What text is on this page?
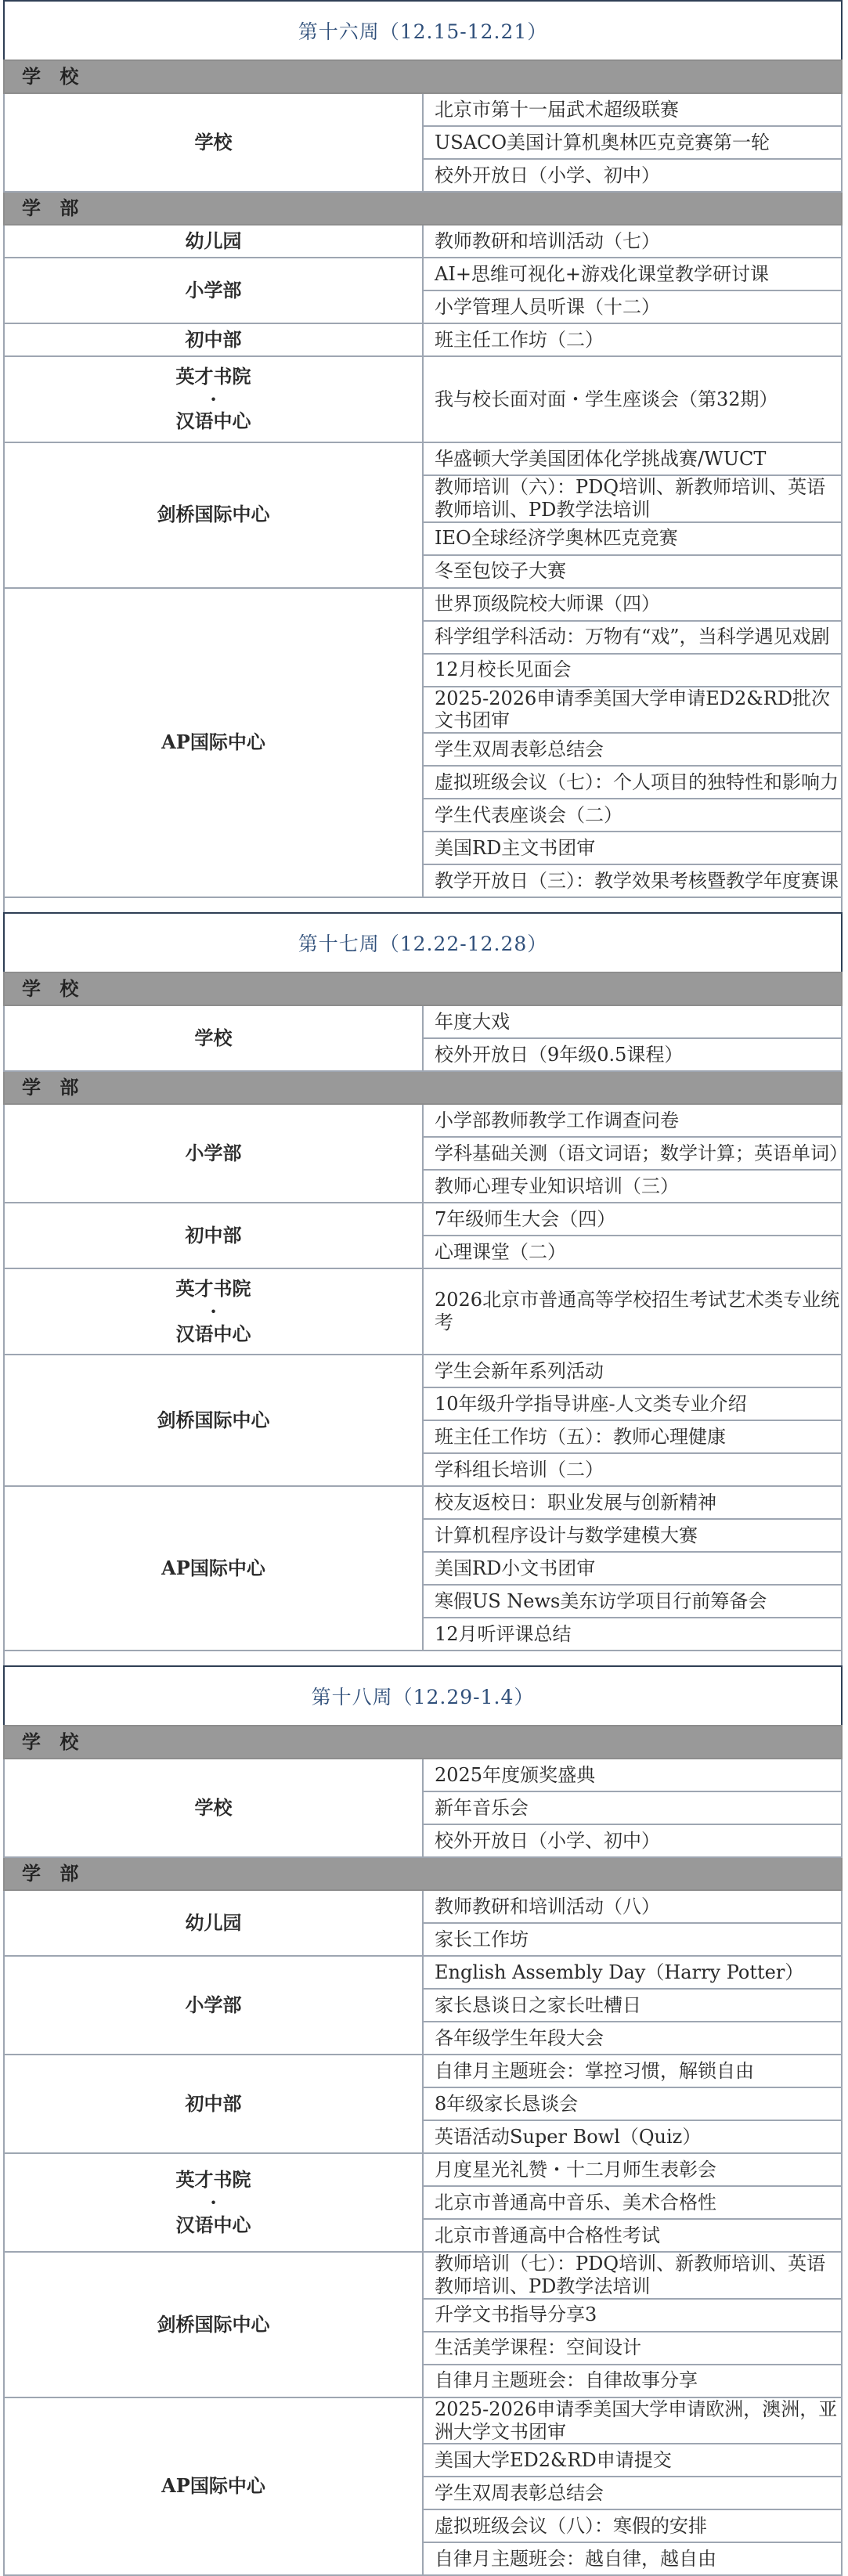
第十六周（12.15-12.21）
学 校	

学校	北京市第十一届武术超级联赛
	USACO美国计算机奥林匹克竞赛第一轮
	校外开放日（小学、初中）
学 部	

幼儿园	教师教研和培训活动（七）

小学部	AI+思维可视化+游戏化课堂教学研讨课
	小学管理人员听课（十二）

初中部	班主任工作坊（二）

英才书院
·
汉语中心	我与校长面对面・学生座谈会（第32期）

剑桥国际中心	华盛顿大学美国团体化学挑战赛/WUCT
	教师培训（六）：PDQ培训、新教师培训、英语教师培训、PD教学法培训
	IEO全球经济学奥林匹克竞赛
	冬至包饺子大赛

AP国际中心	世界顶级院校大师课（四）
	科学组学科活动：万物有“戏”，当科学遇见戏剧
	12月校长见面会
	2025-2026申请季美国大学申请ED2&RD批次文书团审
	学生双周表彰总结会
	虚拟班级会议（七）：个人项目的独特性和影响力
	学生代表座谈会（二）
	美国RD主文书团审
	教学开放日（三）：教学效果考核暨教学年度赛课
第十七周（12.22-12.28）
学 校	

学校	年度大戏
	校外开放日（9年级0.5课程）
学 部	

小学部	小学部教师教学工作调查问卷
	学科基础关测（语文词语；数学计算；英语单词）
	教师心理专业知识培训（三）

初中部	7年级师生大会（四）
	心理课堂（二）

英才书院
·
汉语中心	2026北京市普通高等学校招生考试艺术类专业统考

剑桥国际中心	学生会新年系列活动
	10年级升学指导讲座-人文类专业介绍
	班主任工作坊（五）：教师心理健康
	学科组长培训（二）

AP国际中心	校友返校日：职业发展与创新精神
	计算机程序设计与数学建模大赛
	美国RD小文书团审
	寒假US News美东访学项目行前筹备会
	12月听评课总结
第十八周（12.29-1.4）
学 校	

学校	2025年度颁奖盛典
	新年音乐会
	校外开放日（小学、初中）
学 部	

幼儿园	教师教研和培训活动（八）
	家长工作坊

小学部	English Assembly Day（Harry Potter）
	家长恳谈日之家长吐槽日
	各年级学生年段大会

初中部	自律月主题班会：掌控习惯，解锁自由
	8年级家长恳谈会
	英语活动Super Bowl（Quiz）

英才书院
·
汉语中心	月度星光礼赞・十二月师生表彰会
	北京市普通高中音乐、美术合格性
	北京市普通高中合格性考试

剑桥国际中心	教师培训（七）：PDQ培训、新教师培训、英语教师培训、PD教学法培训
	升学文书指导分享3
	生活美学课程：空间设计
	自律月主题班会：自律故事分享

AP国际中心	2025-2026申请季美国大学申请欧洲，澳洲，亚洲大学文书团审
	美国大学ED2&RD申请提交
	学生双周表彰总结会
	虚拟班级会议（八）：寒假的安排
	自律月主题班会：越自律，越自由
